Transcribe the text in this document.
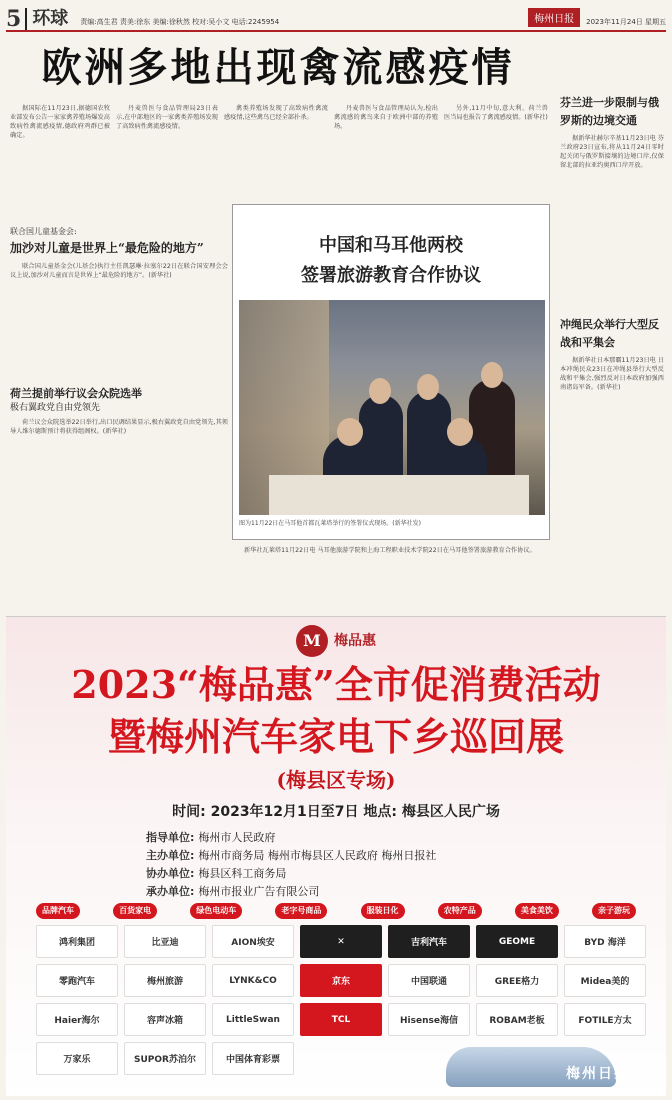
5 环球 责编:高生君 责美:徐东 美编:徐秋然 校对:吴小文 电话:2245954	梅州日报	2023年11月24日 星期五
欧洲多地出现禽流感疫情

据国际在11月23日,据德国农牧业部发布公告一家家禽养殖场爆发高致病性禽流感疫情,德政府鸡群已被确定。

丹麦兽医与食品管理局23日表示,在中部地区的一家禽类养殖场发现了高致病性禽流感疫情。

禽类养殖场发现了高致病性禽流感疫情,这些禽鸟已经全部扑杀。

丹麦兽医与食品管理局认为,检出禽流感的禽鸟来自于欧洲中部的养殖场。

另外,11月中旬,意大利、荷兰兽医当局也报告了禽流感疫情。(新华社)

联合国儿童基金会:
加沙对儿童是世界上“最危险的地方”

联合国儿童基金会(儿基会)执行主任凯瑟琳·拉塞尔22日在联合国安理会会议上说,加沙对儿童而言是世界上“最危险的地方”。(新华社)

荷兰提前举行议会众院选举
极右翼政党自由党领先

荷兰议会众院选举22日举行,出口民调结果显示,极右翼政党自由党领先,其领导人维尔德斯预计将获得组阁权。(新华社)

中国和马耳他两校
签署旅游教育合作协议
图为11月22日在马耳他首都瓦莱塔举行的签署仪式现场。(新华社发)

新华社瓦莱塔11月22日电 马耳他旅游学院和上海工程职业技术学院22日在马耳他签署旅游教育合作协议。

芬兰进一步限制与俄罗斯的边境交通

据新华社赫尔辛基11月23日电 芬兰政府23日宣布,将从11月24日零时起关闭与俄罗斯接壤的边境口岸,仅保留北部的拉亚约奥西口岸开放。

冲绳民众举行大型反战和平集会

据新华社日本那霸11月23日电 日本冲绳民众23日在冲绳县举行大型反战和平集会,强烈反对日本政府加强西南诸岛军备。(新华社)

M 梅品惠
2023“梅品惠”全市促消费活动
暨梅州汽车家电下乡巡回展
(梅县区专场)
时间: 2023年12月1日至7日 地点: 梅县区人民广场
指导单位: 梅州市人民政府
主办单位: 梅州市商务局 梅州市梅县区人民政府 梅州日报社
协办单位: 梅县区科工商务局
承办单位: 梅州市报业广告有限公司
品牌汽车	百货家电	绿色电动车	老字号商品	服装日化	农特产品	美食美饮	亲子游玩
鸿利集团	比亚迪	AION埃安	✕	吉利汽车	GEOME	BYD 海洋
零跑汽车	梅州旅游	LYNK&CO	京东	中国联通	GREE格力	Midea美的
Haier海尔	容声冰箱	LittleSwan	TCL	Hisense海信	ROBAM老板	FOTILE方太
万家乐	SUPOR苏泊尔	中国体育彩票
梅州日报
